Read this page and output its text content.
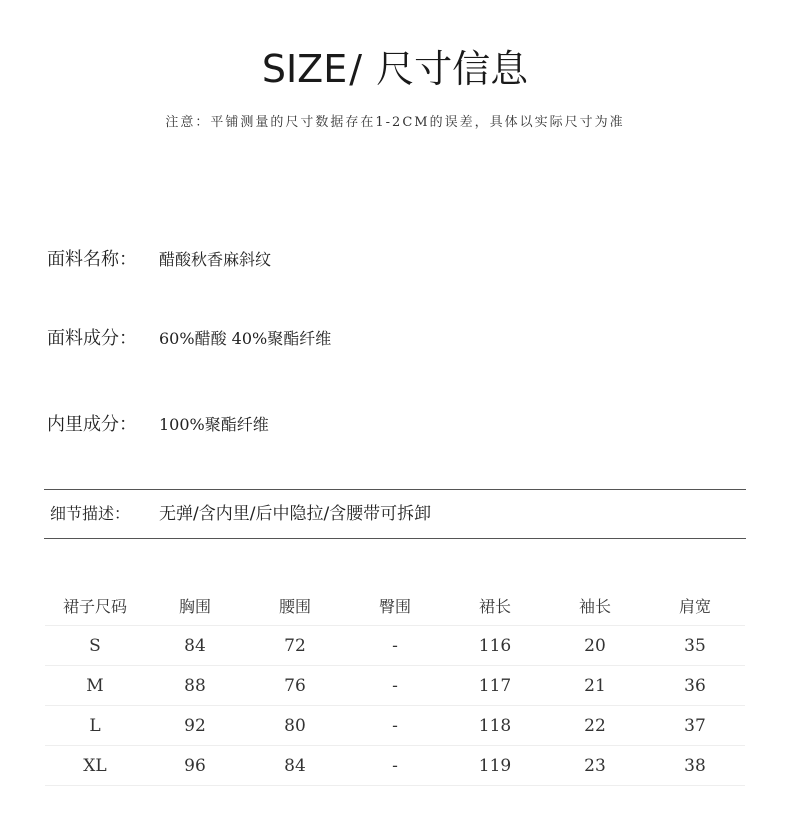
SIZE/ 尺寸信息
注意：平铺测量的尺寸数据存在1-2CM的误差，具体以实际尺寸为准
面料名称： 醋酸秋香麻斜纹
面料成分： 60%醋酸 40%聚酯纤维
内里成分： 100%聚酯纤维
细节描述： 无弹/含内里/后中隐拉/含腰带可拆卸
裙子尺码	胸围	腰围	臀围	裙长	袖长	肩宽
S	84	72	-	116	20	35
M	88	76	-	117	21	36
L	92	80	-	118	22	37
XL	96	84	-	119	23	38
